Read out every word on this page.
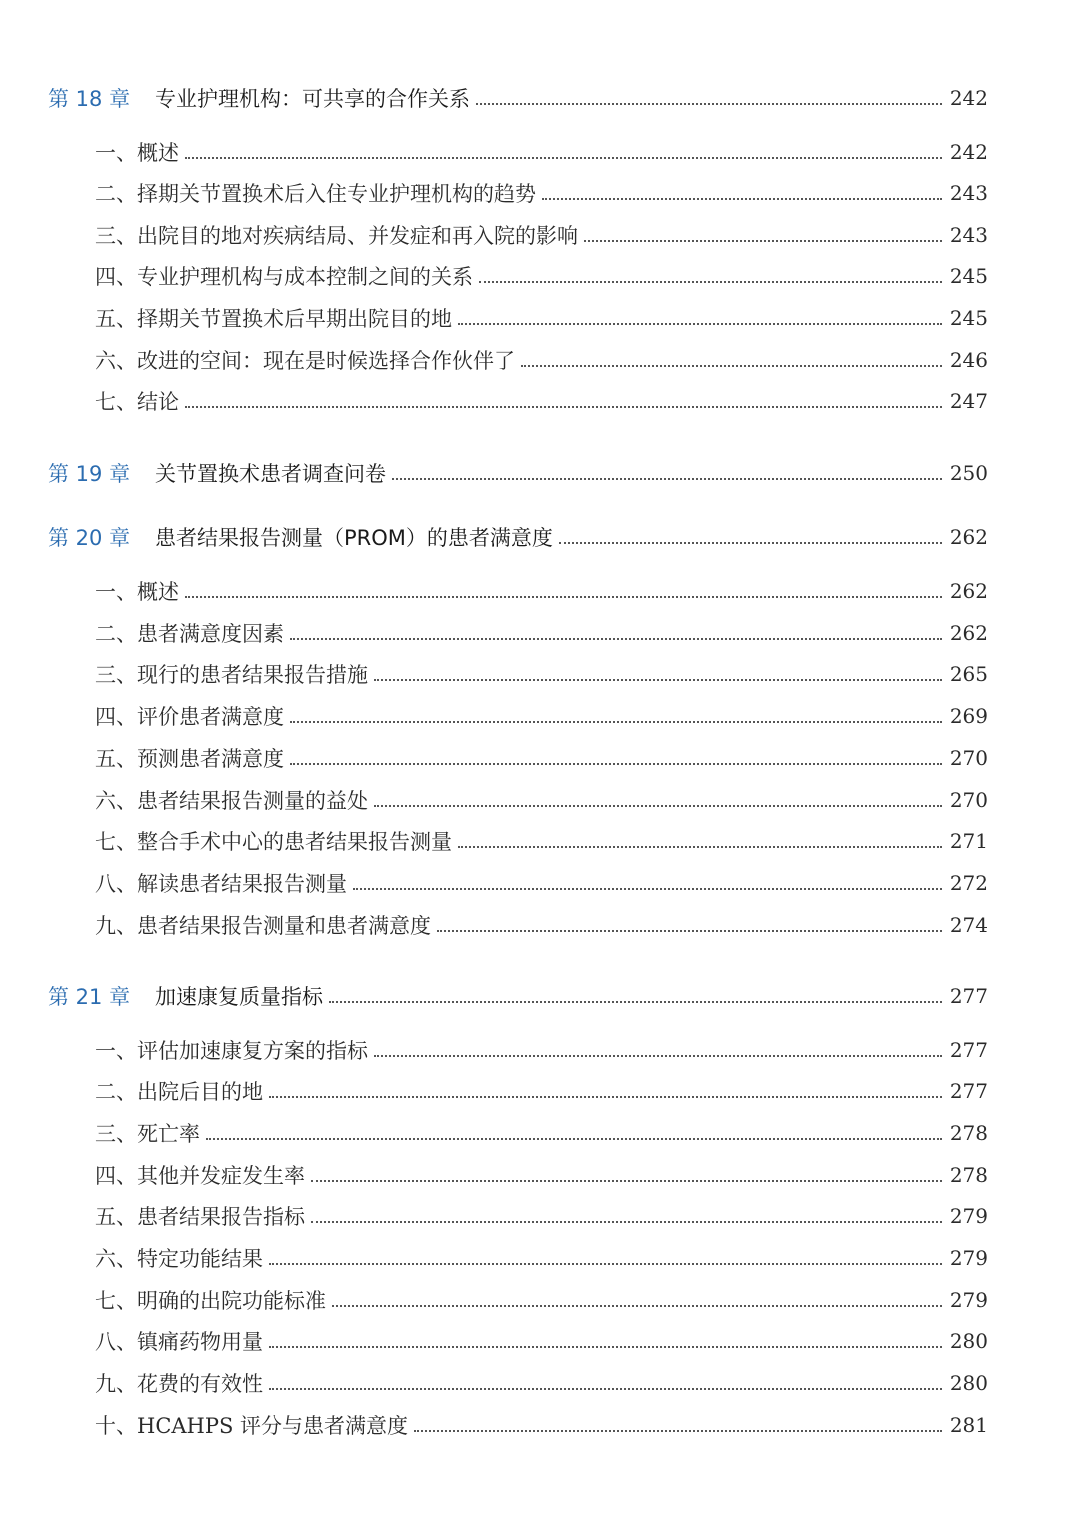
第 18 章	专业护理机构：可共享的合作关系	242
一、概述	242
二、择期关节置换术后入住专业护理机构的趋势	243
三、出院目的地对疾病结局、并发症和再入院的影响	243
四、专业护理机构与成本控制之间的关系	245
五、择期关节置换术后早期出院目的地	245
六、改进的空间：现在是时候选择合作伙伴了	246
七、结论	247
第 19 章	关节置换术患者调查问卷	250
第 20 章	患者结果报告测量（PROM）的患者满意度	262
一、概述	262
二、患者满意度因素	262
三、现行的患者结果报告措施	265
四、评价患者满意度	269
五、预测患者满意度	270
六、患者结果报告测量的益处	270
七、整合手术中心的患者结果报告测量	271
八、解读患者结果报告测量	272
九、患者结果报告测量和患者满意度	274
第 21 章	加速康复质量指标	277
一、评估加速康复方案的指标	277
二、出院后目的地	277
三、死亡率	278
四、其他并发症发生率	278
五、患者结果报告指标	279
六、特定功能结果	279
七、明确的出院功能标准	279
八、镇痛药物用量	280
九、花费的有效性	280
十、HCAHPS 评分与患者满意度	281
